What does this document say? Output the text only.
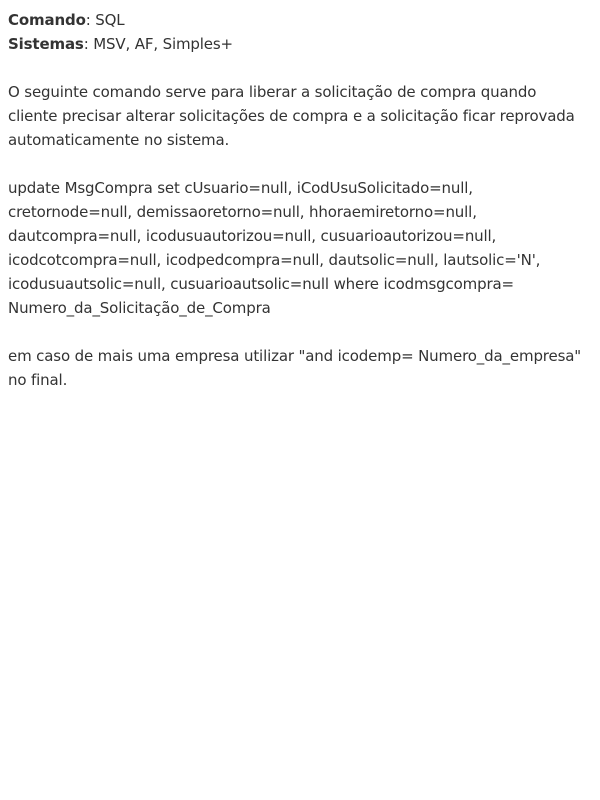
Comando: SQL

Sistemas: MSV, AF, Simples+

O seguinte comando serve para liberar a solicitação de compra quando
cliente precisar alterar solicitações de compra e a solicitação ficar reprovada
automaticamente no sistema.

update MsgCompra set cUsuario=null, iCodUsuSolicitado=null,
cretornode=null, demissaoretorno=null, hhoraemiretorno=null,
dautcompra=null, icodusuautorizou=null, cusuarioautorizou=null,
icodcotcompra=null, icodpedcompra=null, dautsolic=null, lautsolic='N',
icodusuautsolic=null, cusuarioautsolic=null where icodmsgcompra=
Numero_da_Solicitação_de_Compra

em caso de mais uma empresa utilizar "and icodemp= Numero_da_empresa"
no final.
